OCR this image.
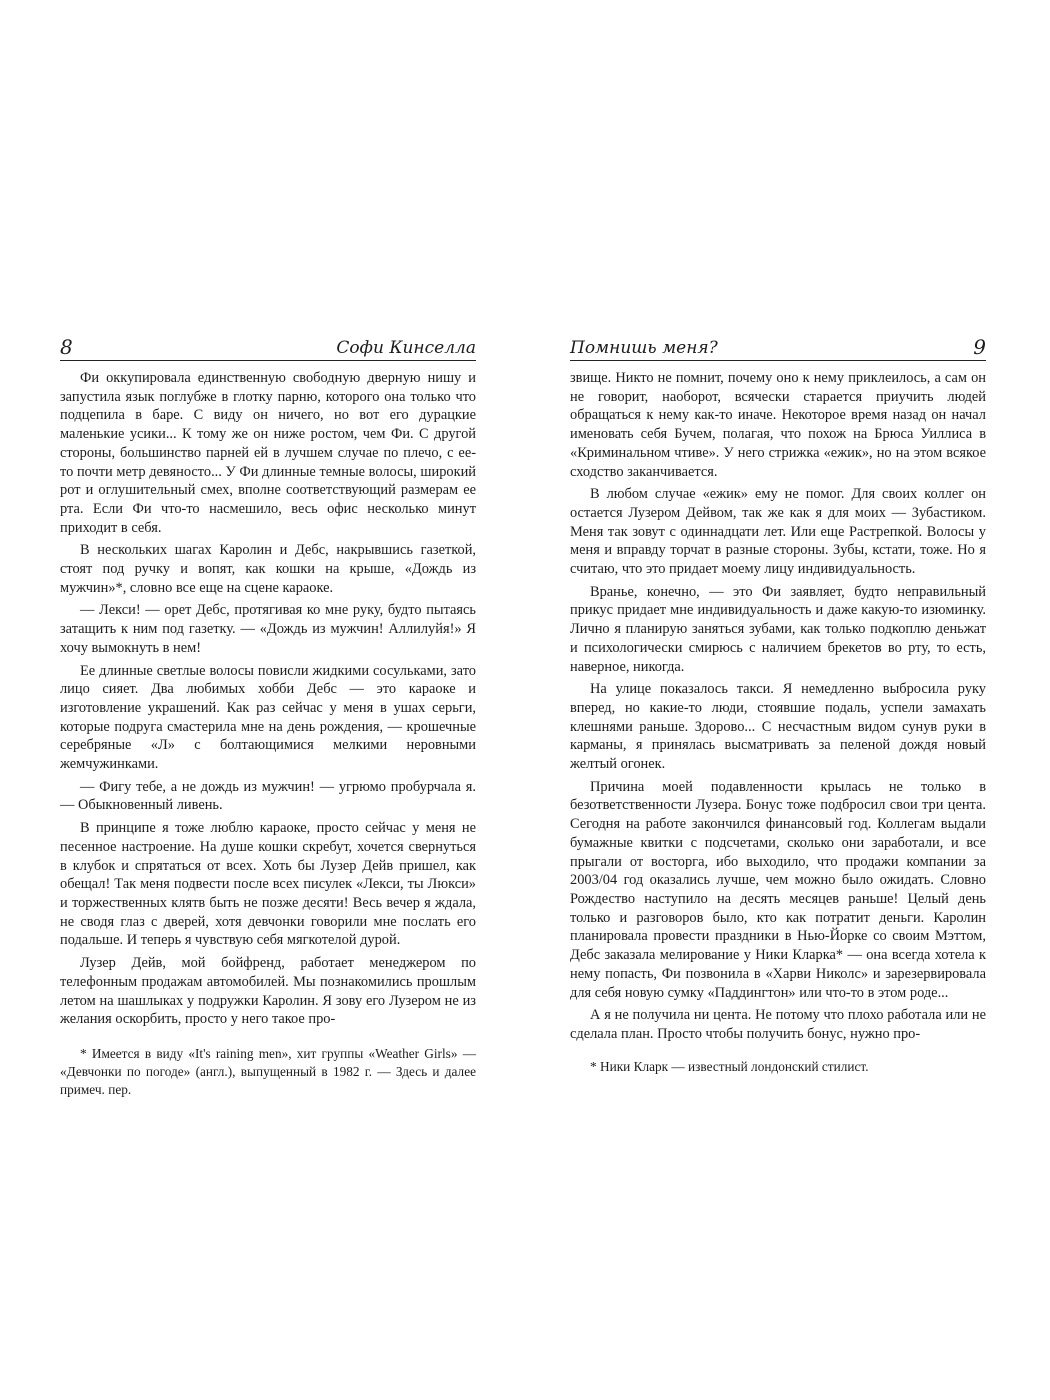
8	Софи Кинселла

Фи оккупировала единственную свободную дверную нишу и запустила язык поглубже в глотку парню, которого она только что подцепила в баре. С виду он ничего, но вот его дурацкие маленькие усики... К тому же он ниже ростом, чем Фи. С другой стороны, большинство парней ей в лучшем случае по плечо, с ее-то почти метр девяносто... У Фи длинные темные волосы, широкий рот и оглушительный смех, вполне соответствующий размерам ее рта. Если Фи что-то насмешило, весь офис несколько минут приходит в себя.

В нескольких шагах Каролин и Дебс, накрывшись газеткой, стоят под ручку и вопят, как кошки на крыше, «Дождь из мужчин»*, словно все еще на сцене караоке.

— Лекси! — орет Дебс, протягивая ко мне руку, будто пытаясь затащить к ним под газетку. — «Дождь из мужчин! Аллилуйя!» Я хочу вымокнуть в нем!

Ее длинные светлые волосы повисли жидкими сосульками, зато лицо сияет. Два любимых хобби Дебс — это караоке и изготовление украшений. Как раз сейчас у меня в ушах серьги, которые подруга смастерила мне на день рождения, — крошечные серебряные «Л» с болтающимися мелкими неровными жемчужинками.

— Фигу тебе, а не дождь из мужчин! — угрюмо пробурчала я. — Обыкновенный ливень.

В принципе я тоже люблю караоке, просто сейчас у меня не песенное настроение. На душе кошки скребут, хочется свернуться в клубок и спрятаться от всех. Хоть бы Лузер Дейв пришел, как обещал! Так меня подвести после всех писулек «Лекси, ты Люкси» и торжественных клятв быть не позже десяти! Весь вечер я ждала, не сводя глаз с дверей, хотя девчонки говорили мне послать его подальше. И теперь я чувствую себя мягкотелой дурой.

Лузер Дейв, мой бойфренд, работает менеджером по телефонным продажам автомобилей. Мы познакомились прошлым летом на шашлыках у подружки Каролин. Я зову его Лузером не из желания оскорбить, просто у него такое про-

* Имеется в виду «It's raining men», хит группы «Weather Girls» — «Девчонки по погоде» (англ.), выпущенный в 1982 г. — Здесь и далее примеч. пер.

Помнишь меня?	9

звище. Никто не помнит, почему оно к нему приклеилось, а сам он не говорит, наоборот, всячески старается приучить людей обращаться к нему как-то иначе. Некоторое время назад он начал именовать себя Бучем, полагая, что похож на Брюса Уиллиса в «Криминальном чтиве». У него стрижка «ежик», но на этом всякое сходство заканчивается.

В любом случае «ежик» ему не помог. Для своих коллег он остается Лузером Дейвом, так же как я для моих — Зубастиком. Меня так зовут с одиннадцати лет. Или еще Растрепкой. Волосы у меня и вправду торчат в разные стороны. Зубы, кстати, тоже. Но я считаю, что это придает моему лицу индивидуальность.

Вранье, конечно, — это Фи заявляет, будто неправильный прикус придает мне индивидуальность и даже какую-то изюминку. Лично я планирую заняться зубами, как только подкоплю деньжат и психологически смирюсь с наличием брекетов во рту, то есть, наверное, никогда.

На улице показалось такси. Я немедленно выбросила руку вперед, но какие-то люди, стоявшие подаль, успели замахать клешнями раньше. Здорово... С несчастным видом сунув руки в карманы, я принялась высматривать за пеленой дождя новый желтый огонек.

Причина моей подавленности крылась не только в безответственности Лузера. Бонус тоже подбросил свои три цента. Сегодня на работе закончился финансовый год. Коллегам выдали бумажные квитки с подсчетами, сколько они заработали, и все прыгали от восторга, ибо выходило, что продажи компании за 2003/04 год оказались лучше, чем можно было ожидать. Словно Рождество наступило на десять месяцев раньше! Целый день только и разговоров было, кто как потратит деньги. Каролин планировала провести праздники в Нью-Йорке со своим Мэттом, Дебс заказала мелирование у Ники Кларка* — она всегда хотела к нему попасть, Фи позвонила в «Харви Николс» и зарезервировала для себя новую сумку «Паддингтон» или что-то в этом роде...

А я не получила ни цента. Не потому что плохо работала или не сделала план. Просто чтобы получить бонус, нужно про-

* Ники Кларк — известный лондонский стилист.
